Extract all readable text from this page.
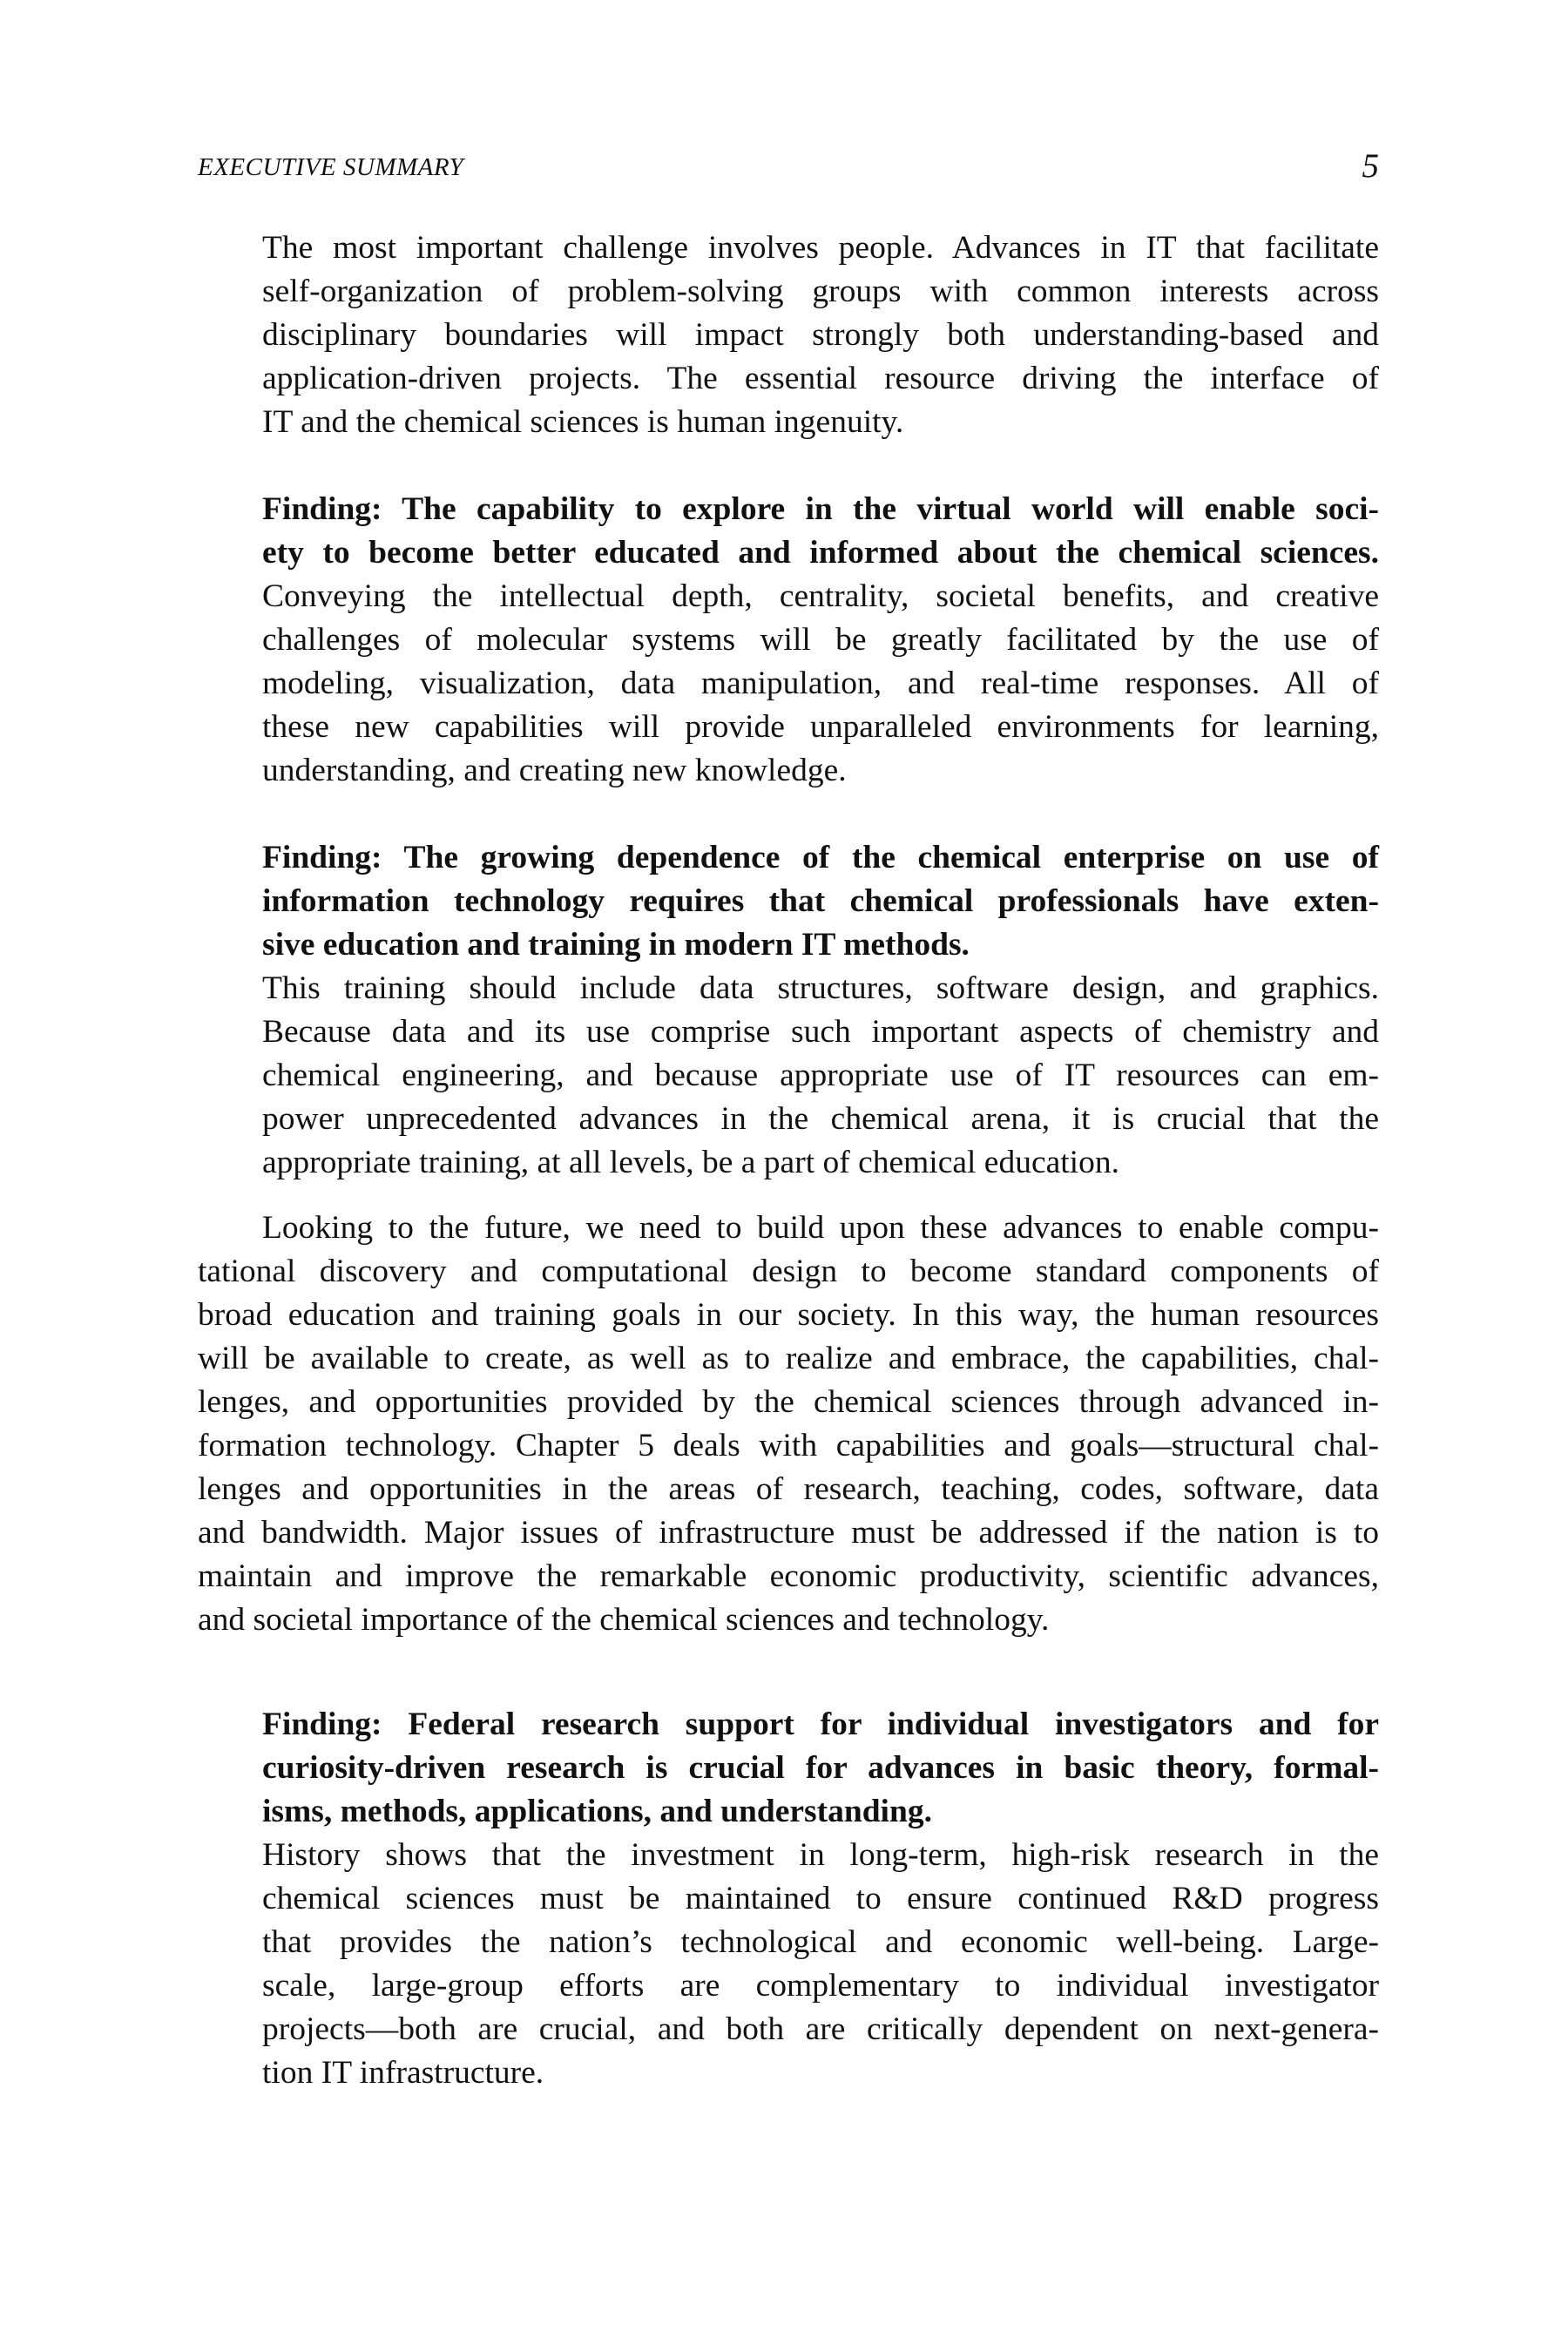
EXECUTIVE SUMMARY	5
The most important challenge involves people. Advances in IT that facilitate
self-organization of problem-solving groups with common interests across
disciplinary boundaries will impact strongly both understanding-based and
application-driven projects. The essential resource driving the interface of
IT and the chemical sciences is human ingenuity.
Finding: The capability to explore in the virtual world will enable soci-
ety to become better educated and informed about the chemical sciences.
Conveying the intellectual depth, centrality, societal benefits, and creative
challenges of molecular systems will be greatly facilitated by the use of
modeling, visualization, data manipulation, and real-time responses. All of
these new capabilities will provide unparalleled environments for learning,
understanding, and creating new knowledge.
Finding: The growing dependence of the chemical enterprise on use of
information technology requires that chemical professionals have exten-
sive education and training in modern IT methods.
This training should include data structures, software design, and graphics.
Because data and its use comprise such important aspects of chemistry and
chemical engineering, and because appropriate use of IT resources can em-
power unprecedented advances in the chemical arena, it is crucial that the
appropriate training, at all levels, be a part of chemical education.
Looking to the future, we need to build upon these advances to enable compu-
tational discovery and computational design to become standard components of
broad education and training goals in our society. In this way, the human resources
will be available to create, as well as to realize and embrace, the capabilities, chal-
lenges, and opportunities provided by the chemical sciences through advanced in-
formation technology. Chapter 5 deals with capabilities and goals—structural chal-
lenges and opportunities in the areas of research, teaching, codes, software, data
and bandwidth. Major issues of infrastructure must be addressed if the nation is to
maintain and improve the remarkable economic productivity, scientific advances,
and societal importance of the chemical sciences and technology.
Finding: Federal research support for individual investigators and for
curiosity-driven research is crucial for advances in basic theory, formal-
isms, methods, applications, and understanding.
History shows that the investment in long-term, high-risk research in the
chemical sciences must be maintained to ensure continued R&D progress
that provides the nation’s technological and economic well-being. Large-
scale, large-group efforts are complementary to individual investigator
projects—both are crucial, and both are critically dependent on next-genera-
tion IT infrastructure.
